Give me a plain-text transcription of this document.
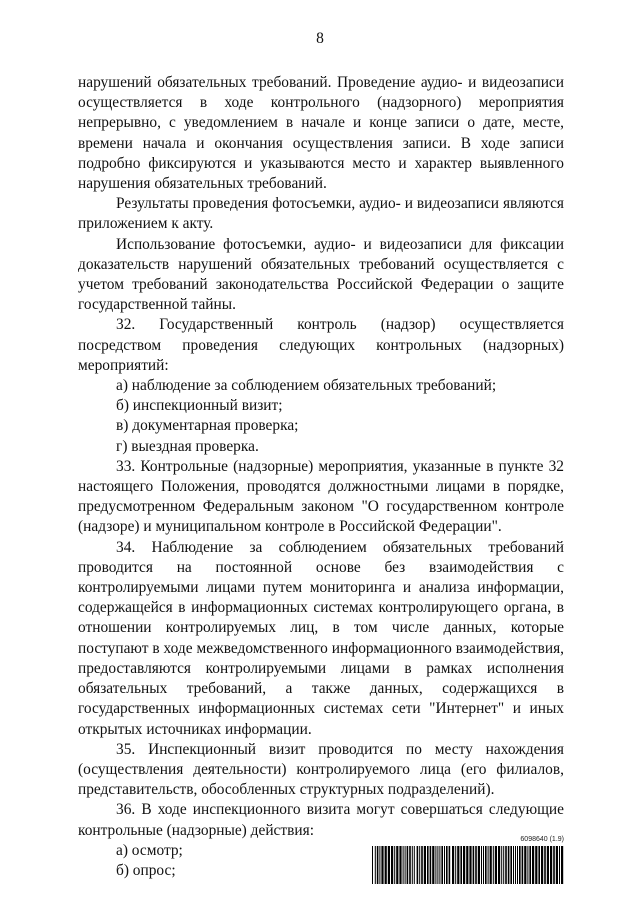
8

нарушений обязательных требований. Проведение аудио- и видеозаписи осуществляется в ходе контрольного (надзорного) мероприятия непрерывно, с уведомлением в начале и конце записи о дате, месте, времени начала и окончания осуществления записи. В ходе записи подробно фиксируются и указываются место и характер выявленного нарушения обязательных требований.

Результаты проведения фотосъемки, аудио- и видеозаписи являются приложением к акту.

Использование фотосъемки, аудио- и видеозаписи для фиксации доказательств нарушений обязательных требований осуществляется с учетом требований законодательства Российской Федерации о защите государственной тайны.

32. Государственный контроль (надзор) осуществляется посредством проведения следующих контрольных (надзорных) мероприятий:

а) наблюдение за соблюдением обязательных требований;

б) инспекционный визит;

в) документарная проверка;

г) выездная проверка.

33. Контрольные (надзорные) мероприятия, указанные в пункте 32 настоящего Положения, проводятся должностными лицами в порядке, предусмотренном Федеральным законом "О государственном контроле (надзоре) и муниципальном контроле в Российской Федерации".

34. Наблюдение за соблюдением обязательных требований проводится на постоянной основе без взаимодействия с контролируемыми лицами путем мониторинга и анализа информации, содержащейся в информационных системах контролирующего органа, в отношении контролируемых лиц, в том числе данных, которые поступают в ходе межведомственного информационного взаимодействия, предоставляются контролируемыми лицами в рамках исполнения обязательных требований, а также данных, содержащихся в государственных информационных системах сети "Интернет" и иных открытых источниках информации.

35. Инспекционный визит проводится по месту нахождения (осуществления деятельности) контролируемого лица (его филиалов, представительств, обособленных структурных подразделений).

36. В ходе инспекционного визита могут совершаться следующие контрольные (надзорные) действия:

а) осмотр;

б) опрос;

6098640 (1.9)
